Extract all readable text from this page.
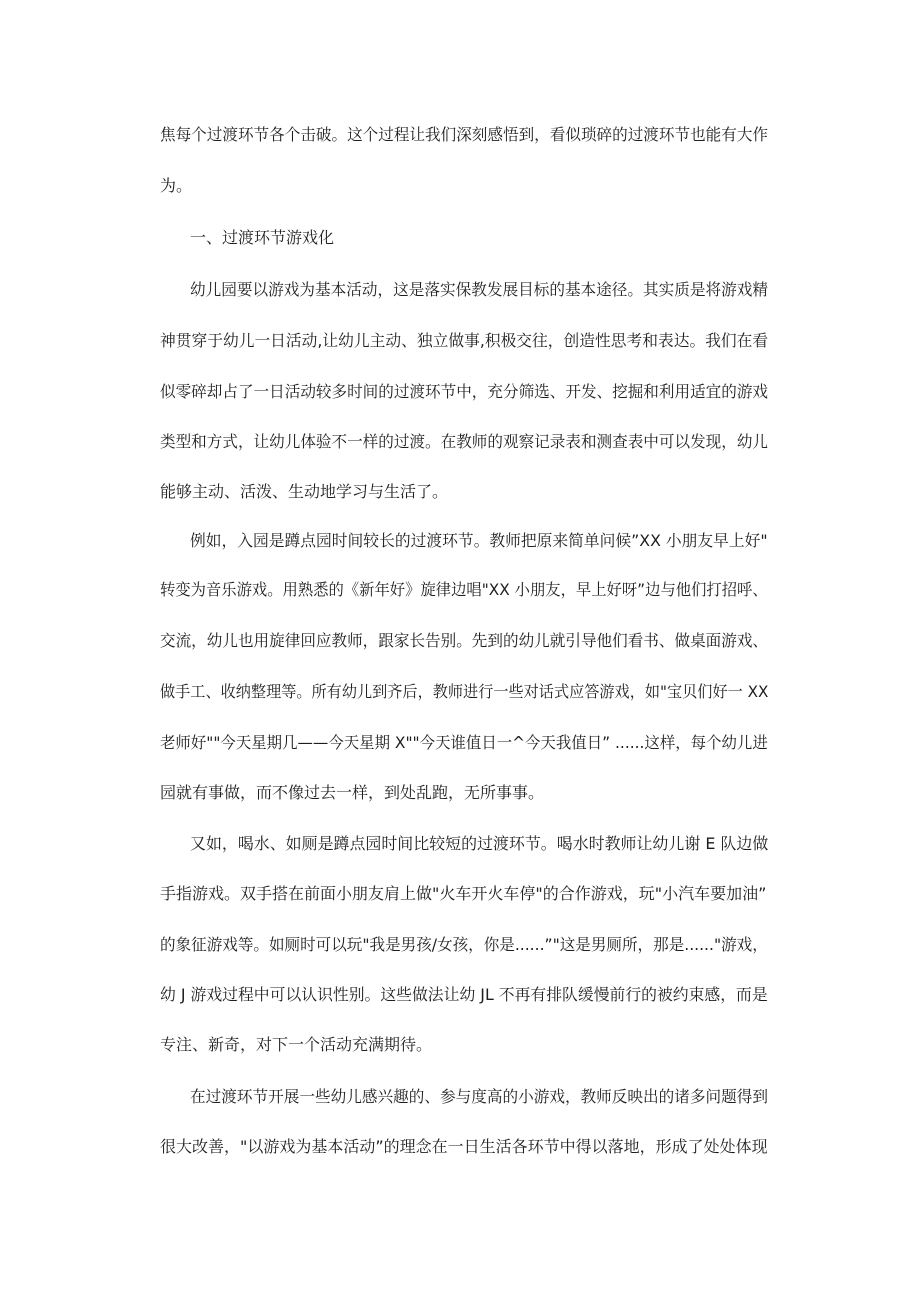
焦每个过渡环节各个击破。这个过程让我们深刻感悟到，看似琐碎的过渡环节也能有大作
为。
一、过渡环节游戏化
幼儿园要以游戏为基本活动，这是落实保教发展目标的基本途径。其实质是将游戏精
神贯穿于幼儿一日活动,让幼儿主动、独立做事,积极交往，创造性思考和表达。我们在看
似零碎却占了一日活动较多时间的过渡环节中，充分筛选、开发、挖掘和利用适宜的游戏
类型和方式，让幼儿体验不一样的过渡。在教师的观察记录表和测查表中可以发现，幼儿
能够主动、活泼、生动地学习与生活了。
例如，入园是蹲点园时间较长的过渡环节。教师把原来简单问候”XX 小朋友早上好"
转变为音乐游戏。用熟悉的《新年好》旋律边唱"XX 小朋友，早上好呀”边与他们打招呼、
交流，幼儿也用旋律回应教师，跟家长告别。先到的幼儿就引导他们看书、做桌面游戏、
做手工、收纳整理等。所有幼儿到齐后，教师进行一些对话式应答游戏，如"宝贝们好一 XX
老师好""今天星期几——今天星期 X""今天谁值日一^今天我值日” ......这样，每个幼儿进
园就有事做，而不像过去一样，到处乱跑，无所事事。
又如，喝水、如厕是蹲点园时间比较短的过渡环节。喝水时教师让幼儿谢 E 队边做
手指游戏。双手搭在前面小朋友肩上做"火车开火车停"的合作游戏，玩"小汽车要加油”
的象征游戏等。如厕时可以玩"我是男孩/女孩，你是......”"这是男厕所，那是......"游戏，
幼 J 游戏过程中可以认识性别。这些做法让幼 JL 不再有排队缓慢前行的被约束感，而是
专注、新奇，对下一个活动充满期待。
在过渡环节开展一些幼儿感兴趣的、参与度高的小游戏，教师反映出的诸多问题得到
很大改善，"以游戏为基本活动”的理念在一日生活各环节中得以落地，形成了处处体现
